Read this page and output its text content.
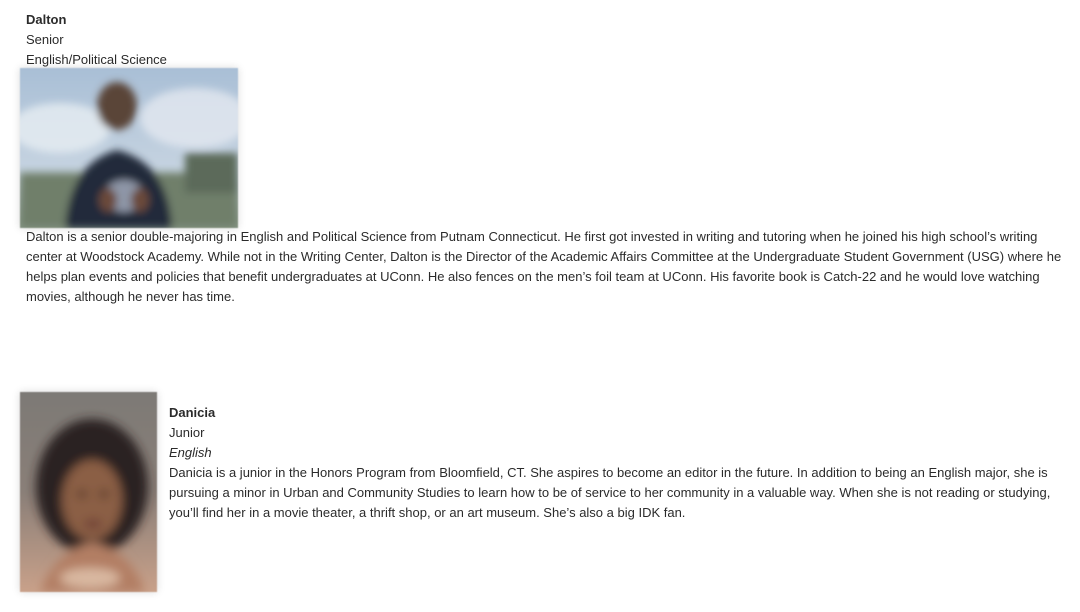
Dalton
Senior
English/Political Science

Dalton is a senior double-majoring in English and Political Science from Putnam Connecticut. He first got invested in writing and tutoring when he joined his high school’s writing center at Woodstock Academy. While not in the Writing Center, Dalton is the Director of the Academic Affairs Committee at the Undergraduate Student Government (USG) where he helps plan events and policies that benefit undergraduates at UConn. He also fences on the men’s foil team at UConn. His favorite book is Catch-22 and he would love watching movies, although he never has time.

Danicia
Junior
English

Danicia is a junior in the Honors Program from Bloomfield, CT. She aspires to become an editor in the future. In addition to being an English major, she is pursuing a minor in Urban and Community Studies to learn how to be of service to her community in a valuable way. When she is not reading or studying, you’ll find her in a movie theater, a thrift shop, or an art museum. She’s also a big IDK fan.
